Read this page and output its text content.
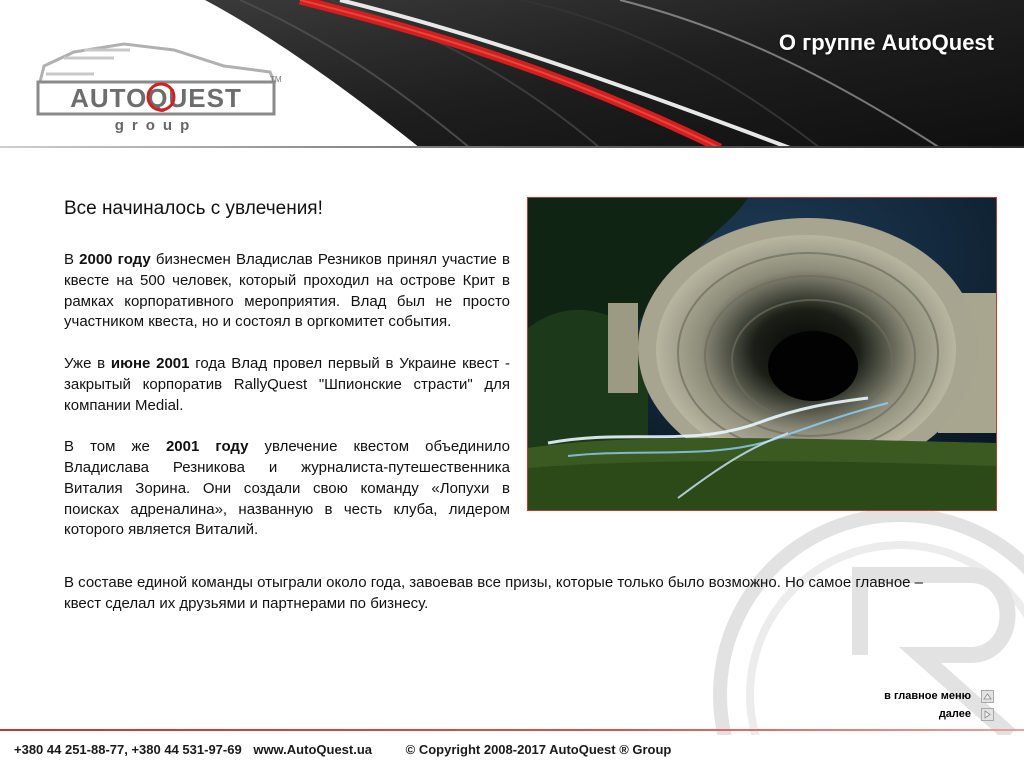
AUTOQUEST
TM
group
О группе AutoQuest
Все начиналось с увлечения!

В 2000 году бизнесмен Владислав Резников принял участие в квесте на 500 человек, который проходил на острове Крит в рамках корпоративного мероприятия. Влад был не просто участником квеста, но и состоял в оргкомитет события.

Уже в июне 2001 года Влад провел первый в Украине квест - закрытый корпоратив RallyQuest "Шпионские страсти" для компании Medial.

В том же 2001 году увлечение квестом объединило Владислава Резникова и журналиста-путешественника Виталия Зорина. Они создали свою команду «Лопухи в поисках адреналина», названную в честь клуба, лидером которого является Виталий.

В составе единой команды отыграли около года, завоевав все призы, которые только было возможно. Но самое главное – квест сделал их друзьями и партнерами по бизнесу.

в главное меню
далее
+380 44 251-88-77, +380 44 531-97-69 www.AutoQuest.ua	© Copyright 2008-2017 AutoQuest ® Group
